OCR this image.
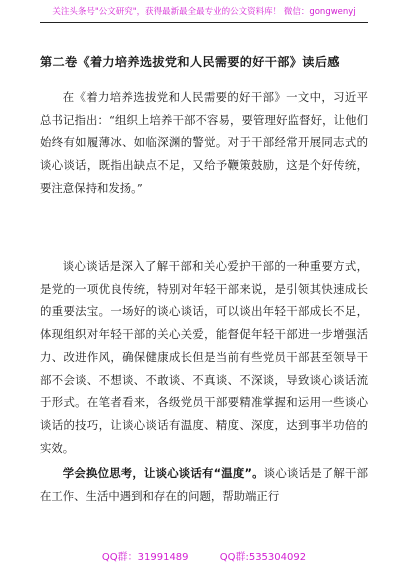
关注头条号"公文研究"，获得最新最全最专业的公文资料库！ 微信：gongwenyj
第二卷《着力培养选拔党和人民需要的好干部》读后感

在《着力培养选拔党和人民需要的好干部》一文中，习近平总书记指出：“组织上培养干部不容易，要管理好监督好，让他们始终有如履薄冰、如临深渊的警觉。对于干部经常开展同志式的谈心谈话，既指出缺点不足，又给予鞭策鼓励，这是个好传统，要注意保持和发扬。”

谈心谈话是深入了解干部和关心爱护干部的一种重要方式，是党的一项优良传统，特别对年轻干部来说，是引领其快速成长的重要法宝。一场好的谈心谈话，可以谈出年轻干部成长不足，体现组织对年轻干部的关心关爱，能督促年轻干部进一步增强活力、改进作风，确保健康成长但是当前有些党员干部甚至领导干部不会谈、不想谈、不敢谈、不真谈、不深谈，导致谈心谈话流于形式。在笔者看来，各级党员干部要精准掌握和运用一些谈心谈话的技巧，让谈心谈话有温度、精度、深度，达到事半功倍的实效。

学会换位思考，让谈心谈话有“温度”。谈心谈话是了解干部在工作、生活中遇到和存在的问题，帮助端正行

QQ群：31991489	QQ群:535304092
